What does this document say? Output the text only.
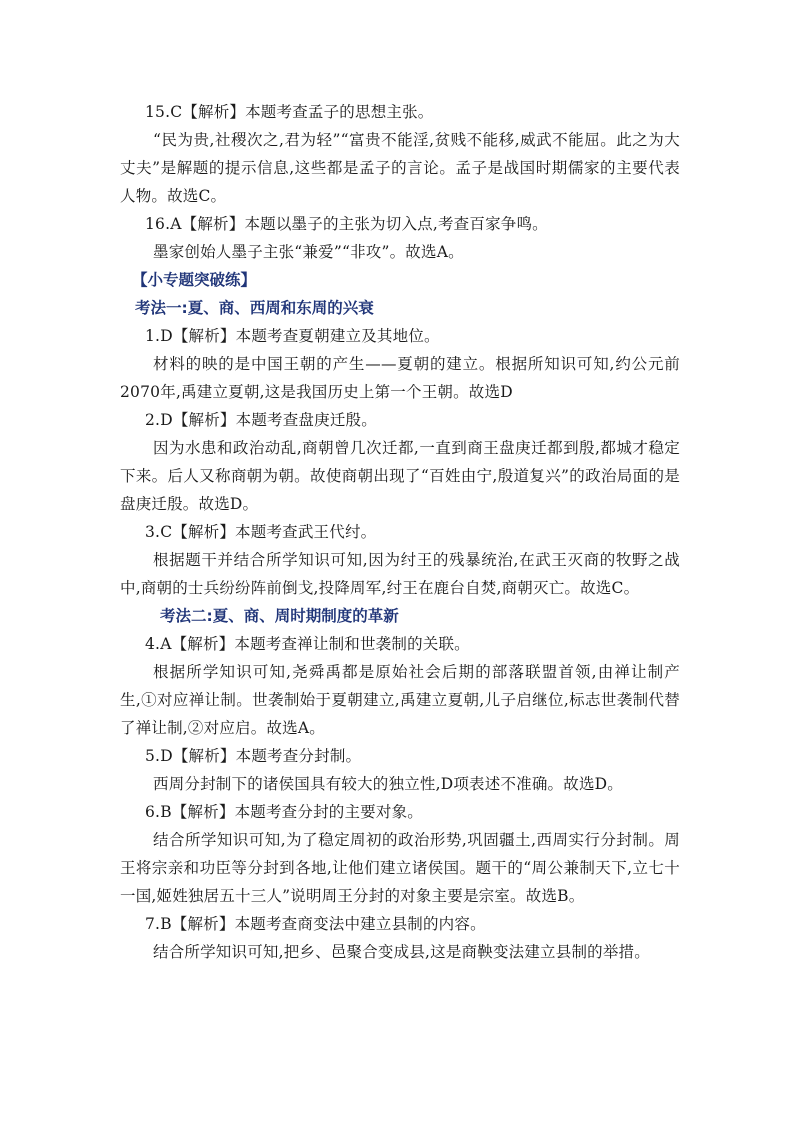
15.C【解析】本题考查孟子的思想主张。

“民为贵,社稷次之,君为轻”“富贵不能淫,贫贱不能移,威武不能屈。此之为大丈夫”是解题的提示信息,这些都是孟子的言论。孟子是战国时期儒家的主要代表人物。故选C。

16.A【解析】本题以墨子的主张为切入点,考查百家争鸣。

墨家创始人墨子主张“兼爱”“非攻”。故选A。

【小专题突破练】

考法一:夏、商、西周和东周的兴衰

1.D【解析】本题考查夏朝建立及其地位。

材料的映的是中国王朝的产生——夏朝的建立。根据所知识可知,约公元前2070年,禹建立夏朝,这是我国历史上第一个王朝。故选D

2.D【解析】本题考查盘庚迁殷。

因为水患和政治动乱,商朝曾几次迁都,一直到商王盘庚迁都到殷,都城才稳定下来。后人又称商朝为朝。故使商朝出现了“百姓由宁,殷道复兴”的政治局面的是盘庚迁殷。故选D。

3.C【解析】本题考查武王代纣。

根据题干并结合所学知识可知,因为纣王的残暴统治,在武王灭商的牧野之战中,商朝的士兵纷纷阵前倒戈,投降周军,纣王在鹿台自焚,商朝灭亡。故选C。

考法二:夏、商、周时期制度的革新

4.A【解析】本题考查禅让制和世袭制的关联。

根据所学知识可知,尧舜禹都是原始社会后期的部落联盟首领,由禅让制产生,①对应禅让制。世袭制始于夏朝建立,禹建立夏朝,儿子启继位,标志世袭制代替了禅让制,②对应启。故选A。

5.D【解析】本题考查分封制。

西周分封制下的诸侯国具有较大的独立性,D项表述不准确。故选D。

6.B【解析】本题考查分封的主要对象。

结合所学知识可知,为了稳定周初的政治形势,巩固疆土,西周实行分封制。周王将宗亲和功臣等分封到各地,让他们建立诸侯国。题干的“周公兼制天下,立七十一国,姬姓独居五十三人”说明周王分封的对象主要是宗室。故选B。

7.B【解析】本题考查商变法中建立县制的内容。

结合所学知识可知,把乡、邑聚合变成县,这是商鞅变法建立县制的举措。
